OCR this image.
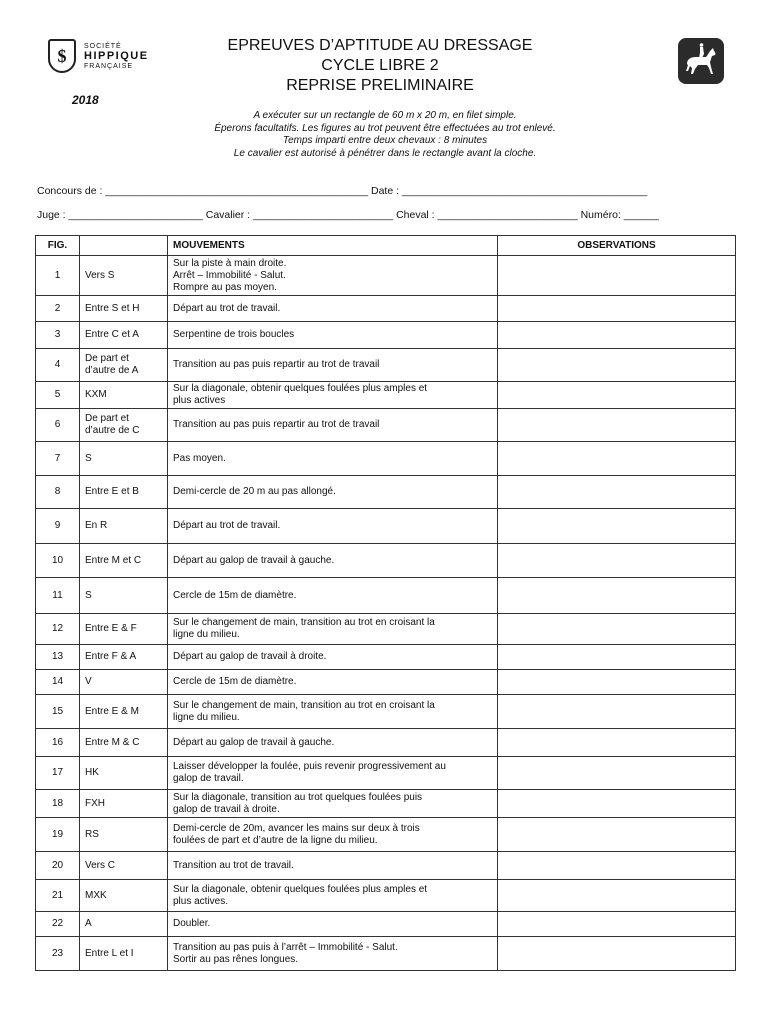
$	SOCIÉTÉ
HIPPIQUE
FRANÇAISE
2018
EPREUVES D’APTITUDE AU DRESSAGE
CYCLE LIBRE 2
REPRISE PRELIMINAIRE
A exécuter sur un rectangle de 60 m x 20 m, en filet simple.
Éperons facultatifs. Les figures au trot peuvent être effectuées au trot enlevé.
Temps imparti entre deux chevaux : 8 minutes
Le cavalier est autorisé à pénétrer dans le rectangle avant la cloche.
Concours de : _____________________________________________ Date : __________________________________________
Juge : _______________________ Cavalier : ________________________ Cheval : ________________________ Numéro: ______
FIG.		MOUVEMENTS	OBSERVATIONS
1	Vers S	Sur la piste à main droite.
Arrêt – Immobilité - Salut.
Rompre au pas moyen.	
2	Entre S et H	Départ au trot de travail.	
3	Entre C et A	Serpentine de trois boucles	
4	De part et
d’autre de A	Transition au pas puis repartir au trot de travail	
5	KXM	Sur la diagonale, obtenir quelques foulées plus amples et
plus actives	
6	De part et
d’autre de C	Transition au pas puis repartir au trot de travail	
7	S	Pas moyen.	
8	Entre E et B	Demi-cercle de 20 m au pas allongé.	
9	En R	Départ au trot de travail.	
10	Entre M et C	Départ au galop de travail à gauche.	
11	S	Cercle de 15m de diamètre.	
12	Entre E & F	Sur le changement de main, transition au trot en croisant la
ligne du milieu.	
13	Entre F & A	Départ au galop de travail à droite.	
14	V	Cercle de 15m de diamètre.	
15	Entre E & M	Sur le changement de main, transition au trot en croisant la
ligne du milieu.	
16	Entre M & C	Départ au galop de travail à gauche.	
17	HK	Laisser développer la foulée, puis revenir progressivement au
galop de travail.	
18	FXH	Sur la diagonale, transition au trot quelques foulées puis
galop de travail à droite.	
19	RS	Demi-cercle de 20m, avancer les mains sur deux à trois
foulées de part et d’autre de la ligne du milieu.	
20	Vers C	Transition au trot de travail.	
21	MXK	Sur la diagonale, obtenir quelques foulées plus amples et
plus actives.	
22	A	Doubler.	
23	Entre L et I	Transition au pas puis à l’arrêt – Immobilité - Salut.
Sortir au pas rênes longues.	
